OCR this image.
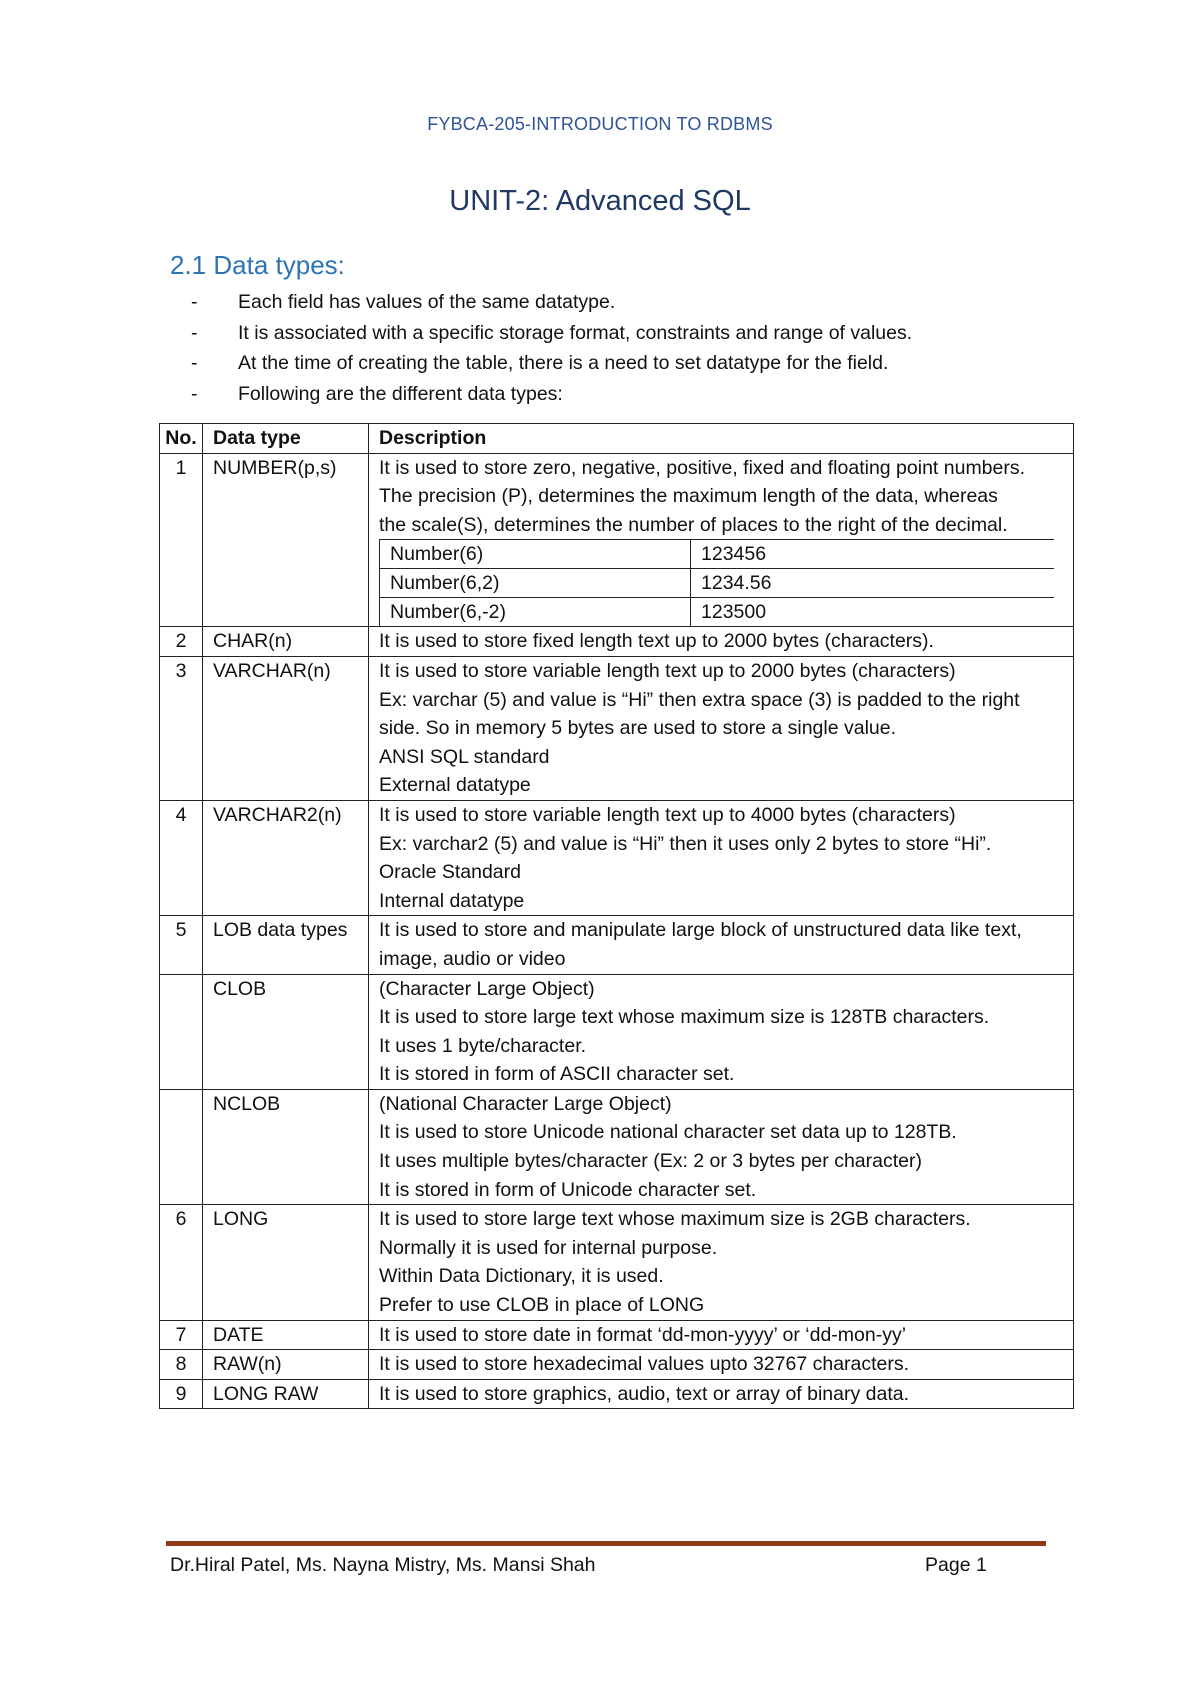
FYBCA-205-INTRODUCTION TO RDBMS
UNIT-2: Advanced SQL
2.1 Data types:
- Each field has values of the same datatype.
- It is associated with a specific storage format, constraints and range of values.
- At the time of creating the table, there is a need to set datatype for the field.
- Following are the different data types:
No.	Data type	Description
1	NUMBER(p,s)	It is used to store zero, negative, positive, fixed and floating point numbers. The precision (P), determines the maximum length of the data, whereas the scale(S), determines the number of places to the right of the decimal.
Number(6)	123456
Number(6,2)	1234.56
Number(6,-2)	123500

2	CHAR(n)	It is used to store fixed length text up to 2000 bytes (characters).

3	VARCHAR(n)	It is used to store variable length text up to 2000 bytes (characters)
Ex: varchar (5) and value is “Hi” then extra space (3) is padded to the right side. So in memory 5 bytes are used to store a single value.
ANSI SQL standard
External datatype

4	VARCHAR2(n)	It is used to store variable length text up to 4000 bytes (characters)
Ex: varchar2 (5) and value is “Hi” then it uses only 2 bytes to store “Hi”.
Oracle Standard
Internal datatype

5	LOB data types	It is used to store and manipulate large block of unstructured data like text, image, audio or video

	CLOB	(Character Large Object)
It is used to store large text whose maximum size is 128TB characters.
It uses 1 byte/character.
It is stored in form of ASCII character set.

	NCLOB	(National Character Large Object)
It is used to store Unicode national character set data up to 128TB.
It uses multiple bytes/character (Ex: 2 or 3 bytes per character)
It is stored in form of Unicode character set.

6	LONG	It is used to store large text whose maximum size is 2GB characters.
Normally it is used for internal purpose.
Within Data Dictionary, it is used.
Prefer to use CLOB in place of LONG

7	DATE	It is used to store date in format ‘dd-mon-yyyy’ or ‘dd-mon-yy’

8	RAW(n)	It is used to store hexadecimal values upto 32767 characters.

9	LONG RAW	It is used to store graphics, audio, text or array of binary data.
Dr.Hiral Patel, Ms. Nayna Mistry, Ms. Mansi Shah	Page 1
